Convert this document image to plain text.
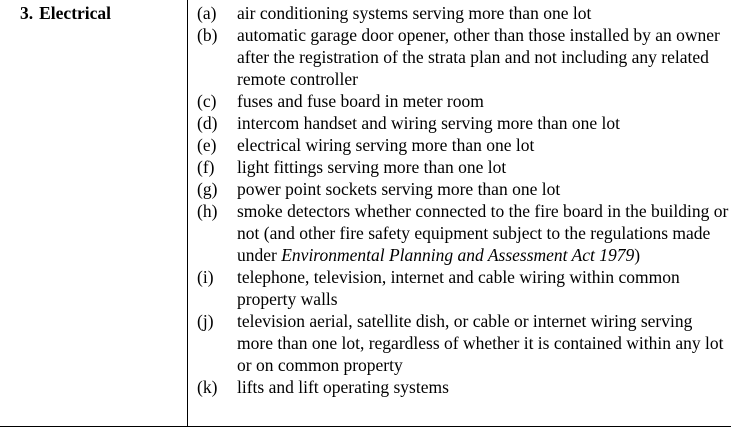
3. Electrical	(a)	air conditioning systems serving more than one lot
(b)	automatic garage door opener, other than those installed by an owner after the registration of the strata plan and not including any related remote controller
(c)	fuses and fuse board in meter room
(d)	intercom handset and wiring serving more than one lot
(e)	electrical wiring serving more than one lot
(f)	light fittings serving more than one lot
(g)	power point sockets serving more than one lot
(h)	smoke detectors whether connected to the fire board in the building or not (and other fire safety equipment subject to the regulations made under Environmental Planning and Assessment Act 1979)
(i)	telephone, television, internet and cable wiring within common property walls
(j)	television aerial, satellite dish, or cable or internet wiring serving more than one lot, regardless of whether it is contained within any lot or on common property
(k)	lifts and lift operating systems
